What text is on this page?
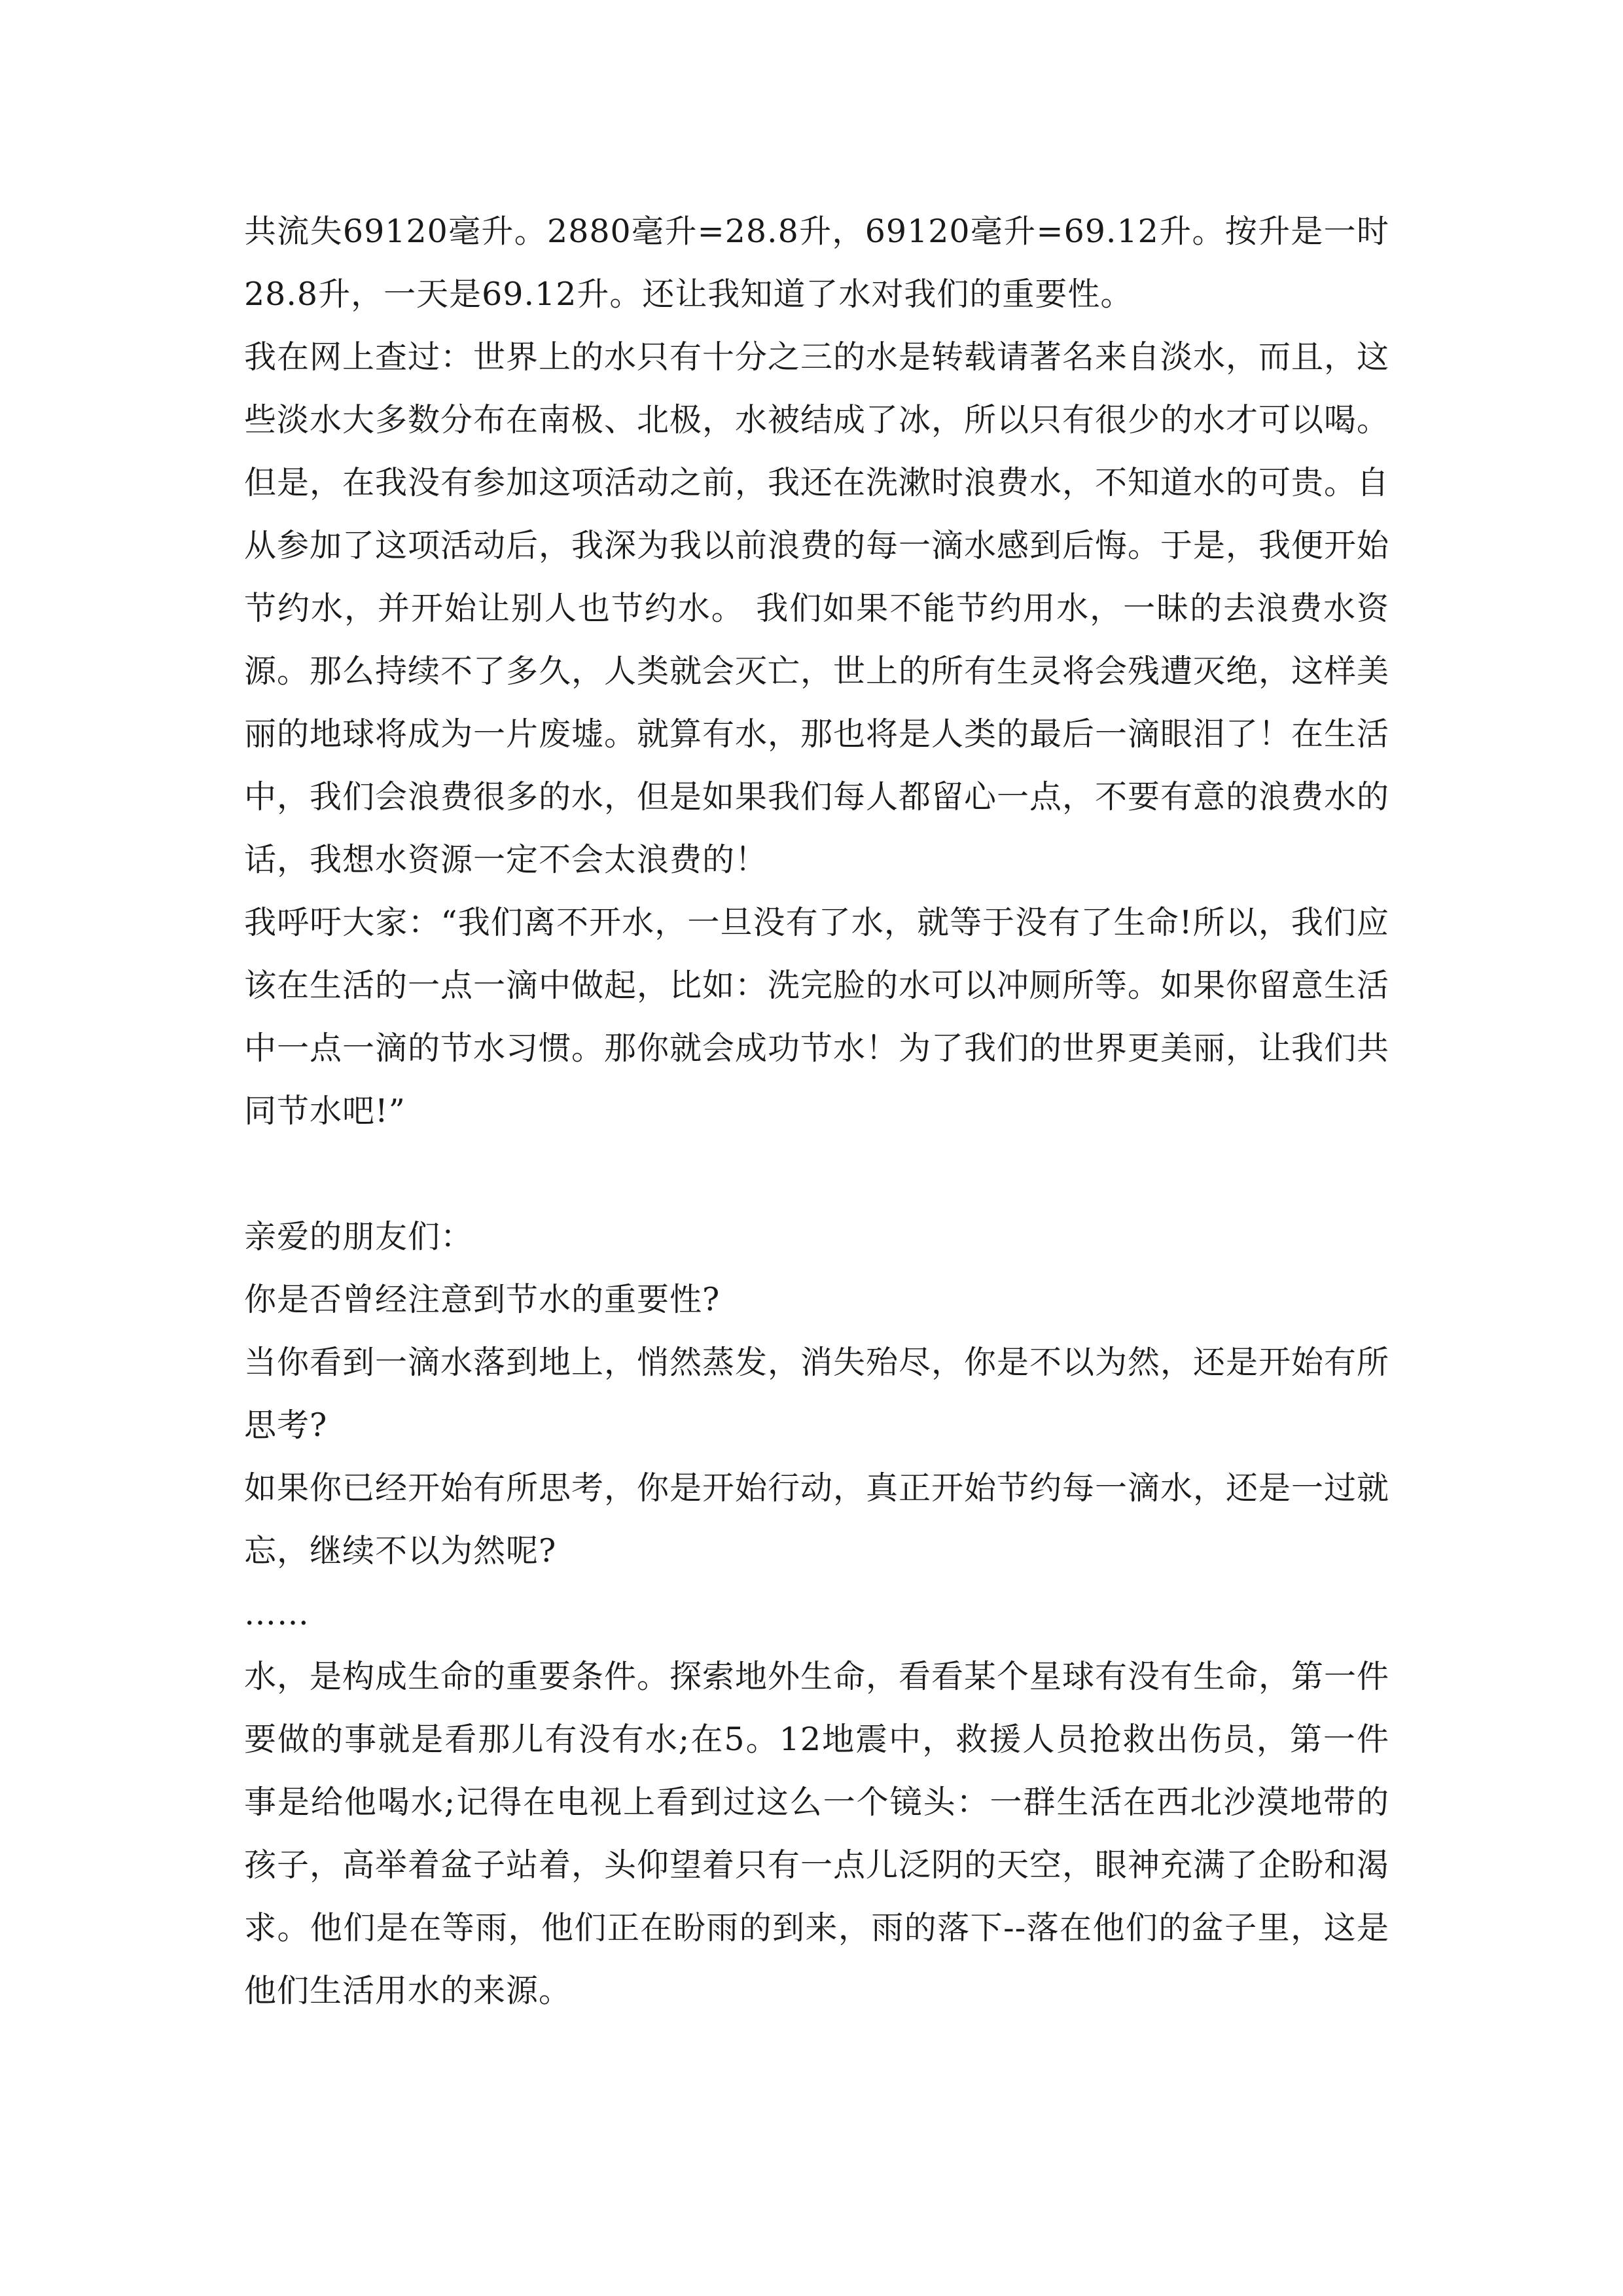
共流失69120毫升。2880毫升=28.8升，69120毫升=69.12升。按升是一时28.8升，一天是69.12升。还让我知道了水对我们的重要性。

我在网上查过：世界上的水只有十分之三的水是转载请著名来自淡水，而且，这些淡水大多数分布在南极、北极，水被结成了冰，所以只有很少的水才可以喝。但是，在我没有参加这项活动之前，我还在洗漱时浪费水，不知道水的可贵。自从参加了这项活动后，我深为我以前浪费的每一滴水感到后悔。于是，我便开始节约水，并开始让别人也节约水。 我们如果不能节约用水，一昧的去浪费水资源。那么持续不了多久，人类就会灭亡，世上的所有生灵将会残遭灭绝，这样美丽的地球将成为一片废墟。就算有水，那也将是人类的最后一滴眼泪了！在生活中，我们会浪费很多的水，但是如果我们每人都留心一点，不要有意的浪费水的话，我想水资源一定不会太浪费的！

我呼吁大家：“我们离不开水，一旦没有了水，就等于没有了生命!所以，我们应该在生活的一点一滴中做起，比如：洗完脸的水可以冲厕所等。如果你留意生活中一点一滴的节水习惯。那你就会成功节水！为了我们的世界更美丽，让我们共同节水吧!”

亲爱的朋友们：

你是否曾经注意到节水的重要性?

当你看到一滴水落到地上，悄然蒸发，消失殆尽，你是不以为然，还是开始有所思考?

如果你已经开始有所思考，你是开始行动，真正开始节约每一滴水，还是一过就忘，继续不以为然呢?

……

水，是构成生命的重要条件。探索地外生命，看看某个星球有没有生命，第一件要做的事就是看那儿有没有水;在5。12地震中，救援人员抢救出伤员，第一件事是给他喝水;记得在电视上看到过这么一个镜头：一群生活在西北沙漠地带的孩子，高举着盆子站着，头仰望着只有一点儿泛阴的天空，眼神充满了企盼和渴求。他们是在等雨，他们正在盼雨的到来，雨的落下--落在他们的盆子里，这是他们生活用水的来源。
